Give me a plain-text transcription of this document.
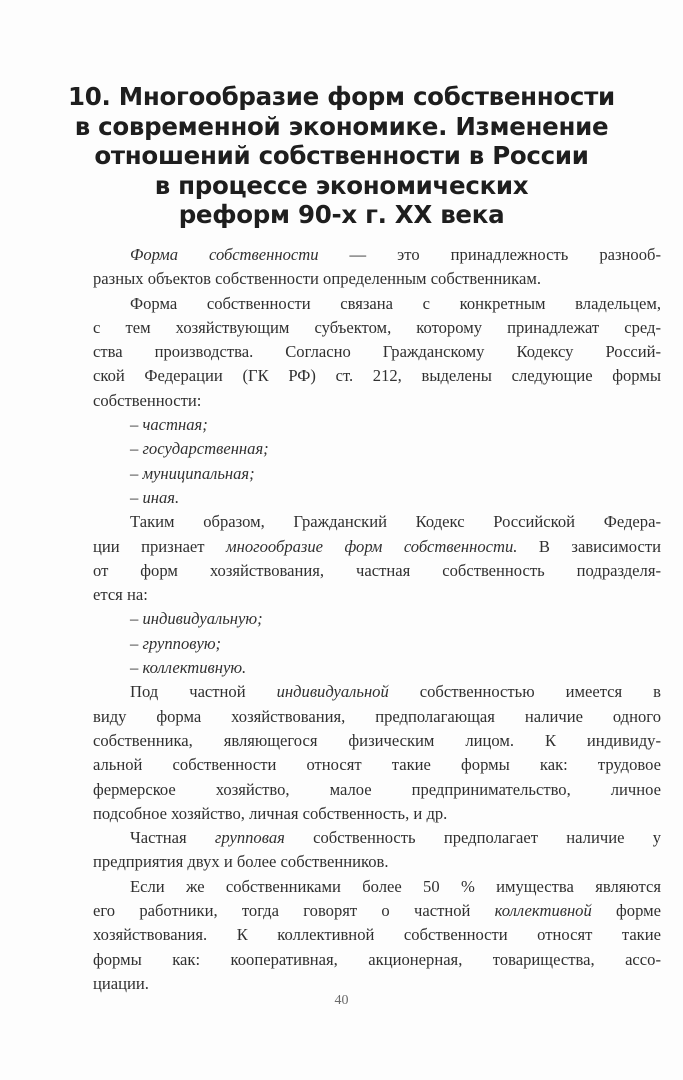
10. Многообразие форм собственности
в современной экономике. Изменение
отношений собственности в России
в процессе экономических
реформ 90-х г. XX века
Форма собственности — это принадлежность разнооб-
разных объектов собственности определенным собственникам.
Форма собственности связана с конкретным владельцем,
с тем хозяйствующим субъектом, которому принадлежат сред-
ства производства. Согласно Гражданскому Кодексу Россий-
ской Федерации (ГК РФ) ст. 212, выделены следующие формы
собственности:
– частная;
– государственная;
– муниципальная;
– иная.
Таким образом, Гражданский Кодекс Российской Федера-
ции признает многообразие форм собственности. В зависимости
от форм хозяйствования, частная собственность подразделя-
ется на:
– индивидуальную;
– групповую;
– коллективную.
Под частной индивидуальной собственностью имеется в
виду форма хозяйствования, предполагающая наличие одного
собственника, являющегося физическим лицом. К индивиду-
альной собственности относят такие формы как: трудовое
фермерское хозяйство, малое предпринимательство, личное
подсобное хозяйство, личная собственность, и др.
Частная групповая собственность предполагает наличие у
предприятия двух и более собственников.
Если же собственниками более 50 % имущества являются
его работники, тогда говорят о частной коллективной форме
хозяйствования. К коллективной собственности относят такие
формы как: кооперативная, акционерная, товарищества, ассо-
циации.
40
